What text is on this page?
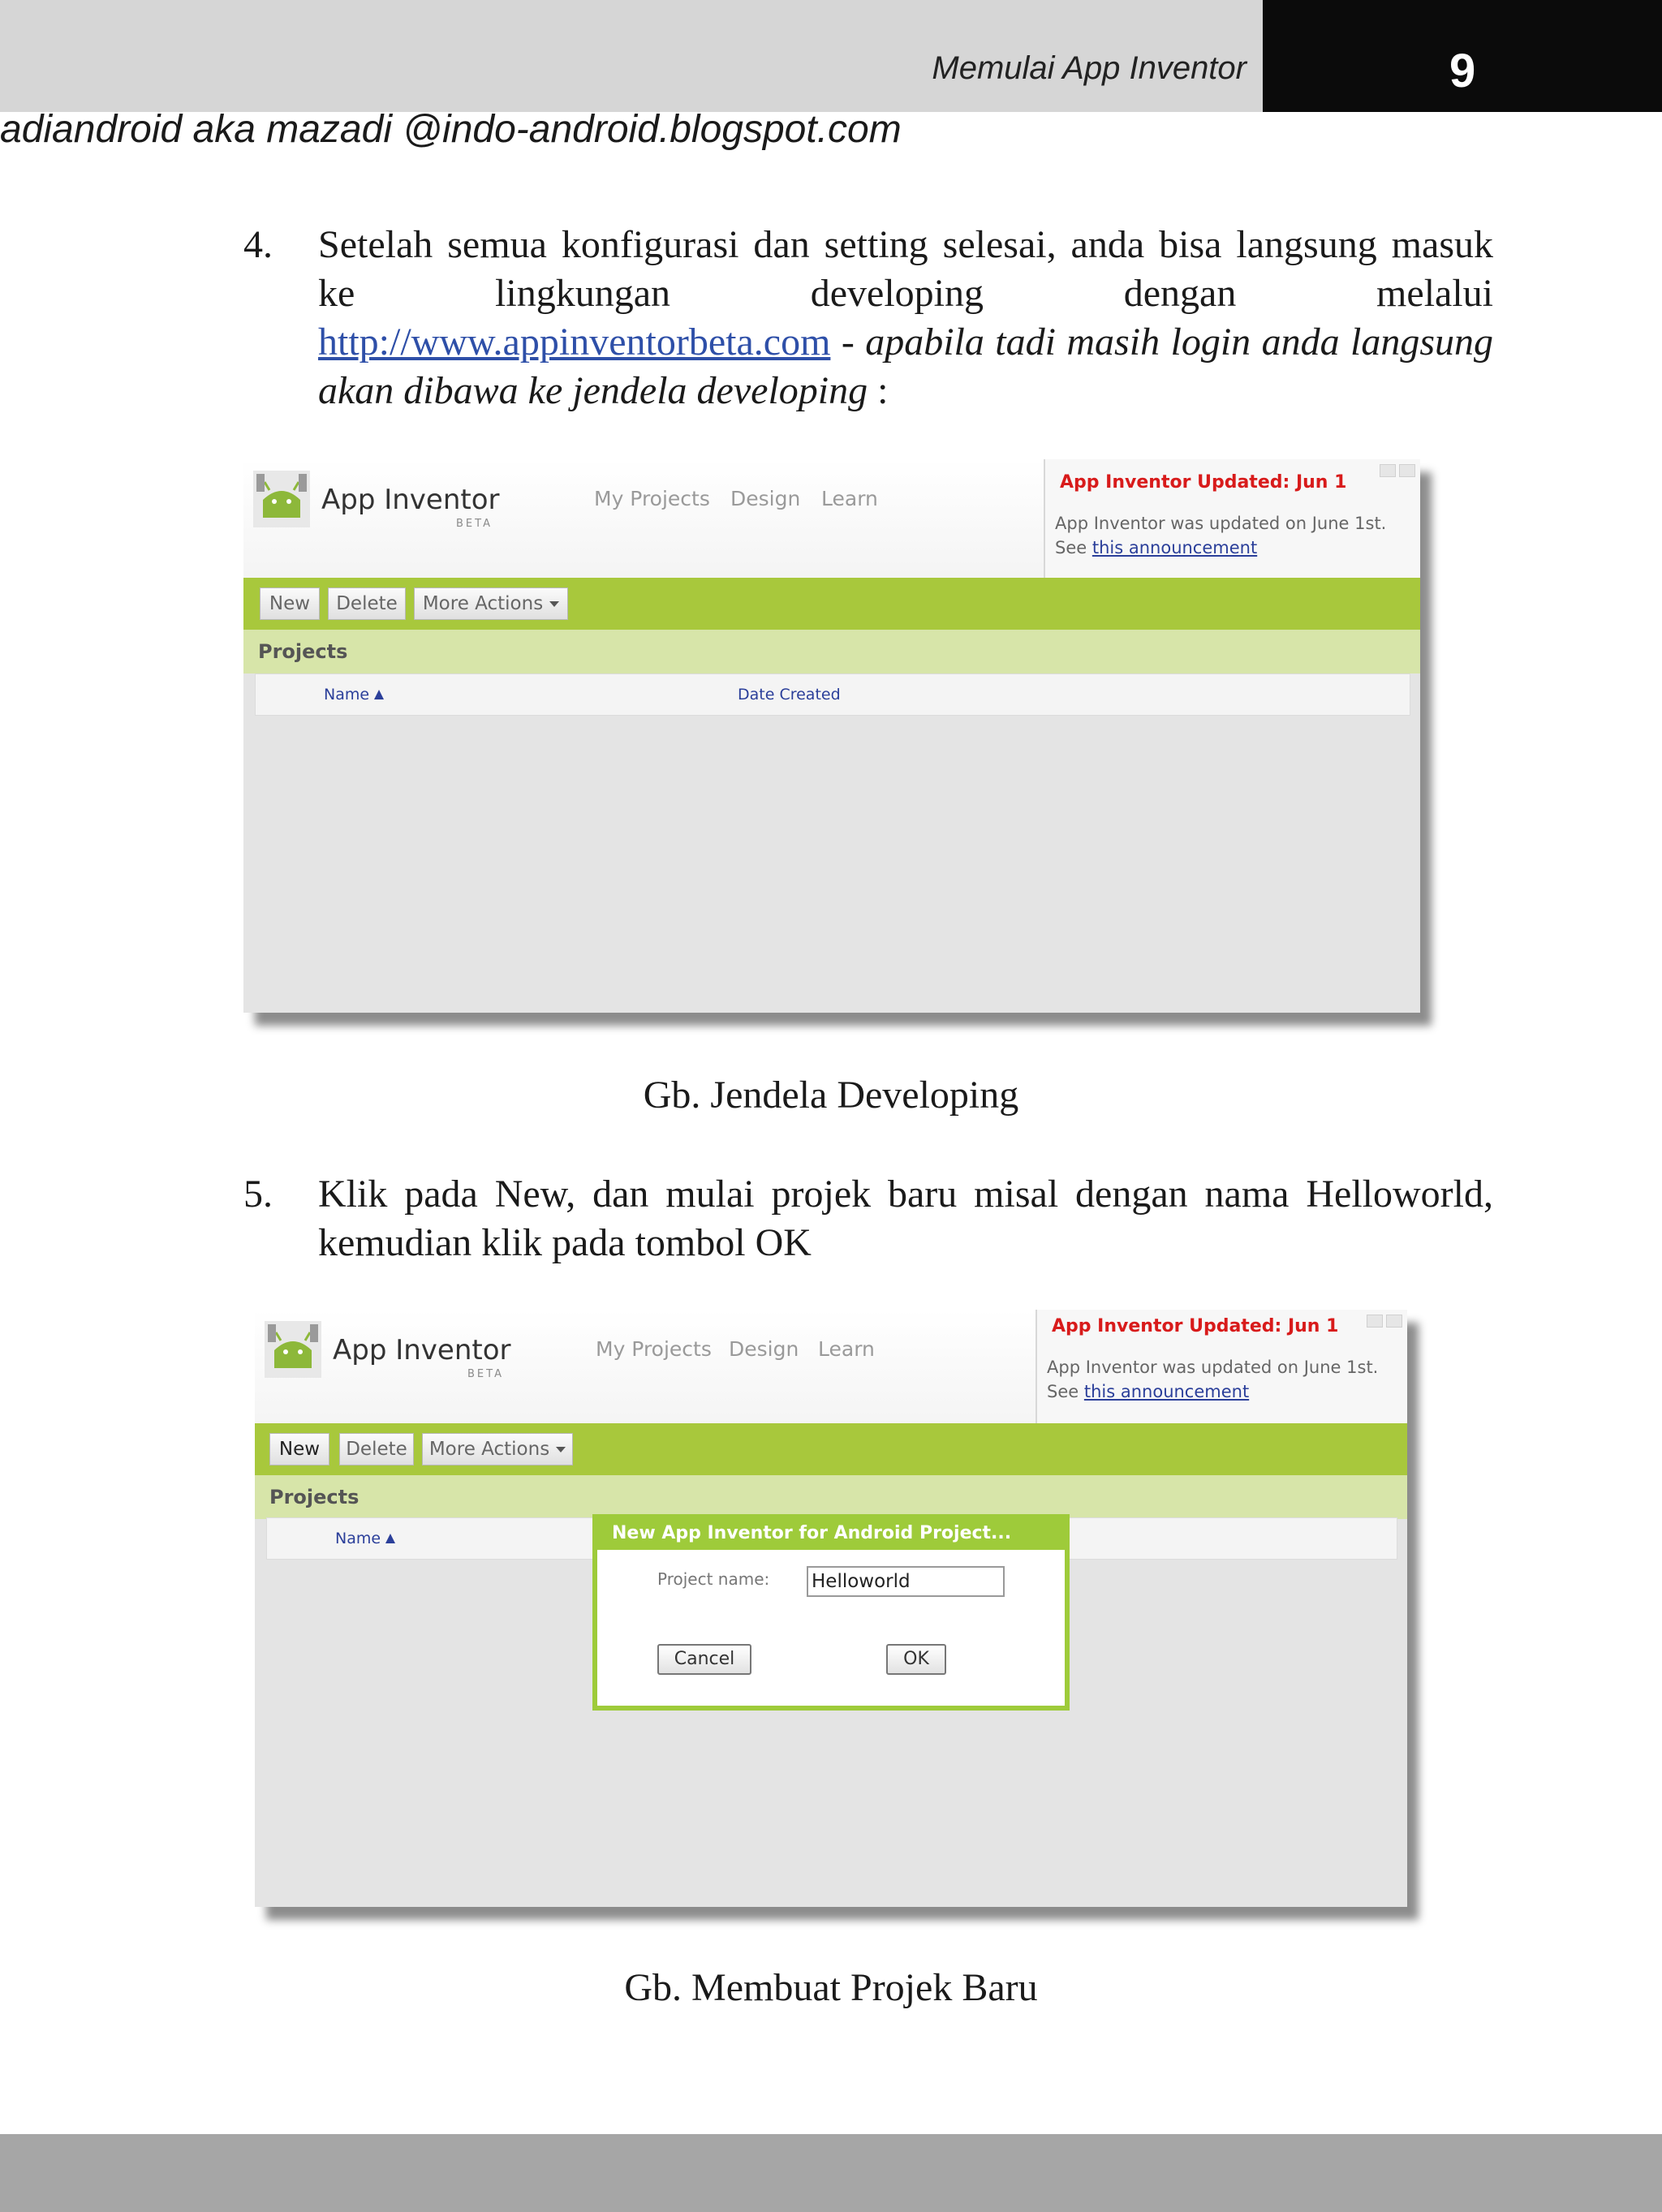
Memulai App Inventor	9
adiandroid aka mazadi @indo-android.blogspot.com
4. Setelah semua konfigurasi dan setting selesai, anda bisa langsung masuk ke lingkungan developing dengan melalui http://www.appinventorbeta.com - apabila tadi masih login anda langsung akan dibawa ke jendela developing :
App Inventor
BETA
My Projects Design Learn
App Inventor Updated: Jun 1
App Inventor was updated on June 1st.
See this announcement
New	Delete	More Actions
Projects
Name	Date Created
Gb. Jendela Developing
5. Klik pada New, dan mulai projek baru misal dengan nama Helloworld, kemudian klik pada tombol OK
App Inventor
BETA
My Projects Design Learn
App Inventor Updated: Jun 1
App Inventor was updated on June 1st.
See this announcement
New	Delete	More Actions
Projects
Name	New App Inventor for Android Project...
Project name: Helloworld
Cancel	OK
Gb. Membuat Projek Baru
